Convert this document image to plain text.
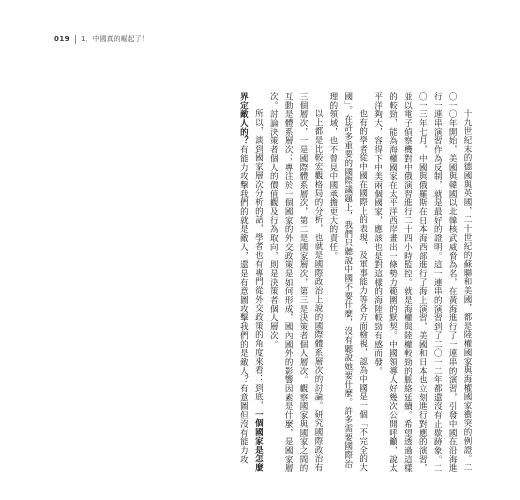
019 1．中國真的崛起了！

十九世紀末的德國與英國，二十世紀的蘇聯和美國，都是陸權國家與海權國家衝突的例證。二〇一〇年開始，美國與韓國以北韓核武威脅為名，在黃海進行了一連串的演習，引發中國在沿海進行一連串演習作為反制，就是最好的證明。這一連串的演習到了二〇一二年都還沒有止歇跡象。二〇一三年七月，中國與俄羅斯在日本海西部進行了海上演習，美國和日本也立刻進行對應的演習，並以電子偵察機對中俄演習進行二十四小時監控。就是海權與陸權較勁的脈絡延續。希望透過這樣的較勁，能為海權國家在太平洋西岸畫出一條勢力範圍的默契。中國領導人好幾次公開呼籲，說太平洋夠大，容得下中美兩個國家，應該也是對這樣的海陸較勁有感而發。

也有的學者從中國在國際上的表現，及軍事能力等各方面檢視，認為中國是一個「不完全的大國」。在許多重要的國際議題上，我們只聽說中國不要什麼，沒有聽說她要什麼。許多需要國際治理的領域，也不曾見中國承擔更大的責任。

以上都是比較宏觀格局的分析，也就是國際政治上說的國際體系層次的討論。研究國際政治有三個層次，一是國際體系層次，第二是國家層次，第三是決策者個人層次。觀察國家與國家之間的互動是體系層次；專注於一個國家的外交政策是如何形成，國內國外的影響因素是什麼，是國家層次。討論決策者個人的價值觀及行為取向，則是決策者個人層次。

所以，談到國家層次分析的話，學者也有專門從外交政策的角度來看：到底，一個國家是怎麼界定敵人的？有能力攻擊我們的就是敵人，還是有意圖攻擊我們的是敵人？有意圖但沒有能力攻
